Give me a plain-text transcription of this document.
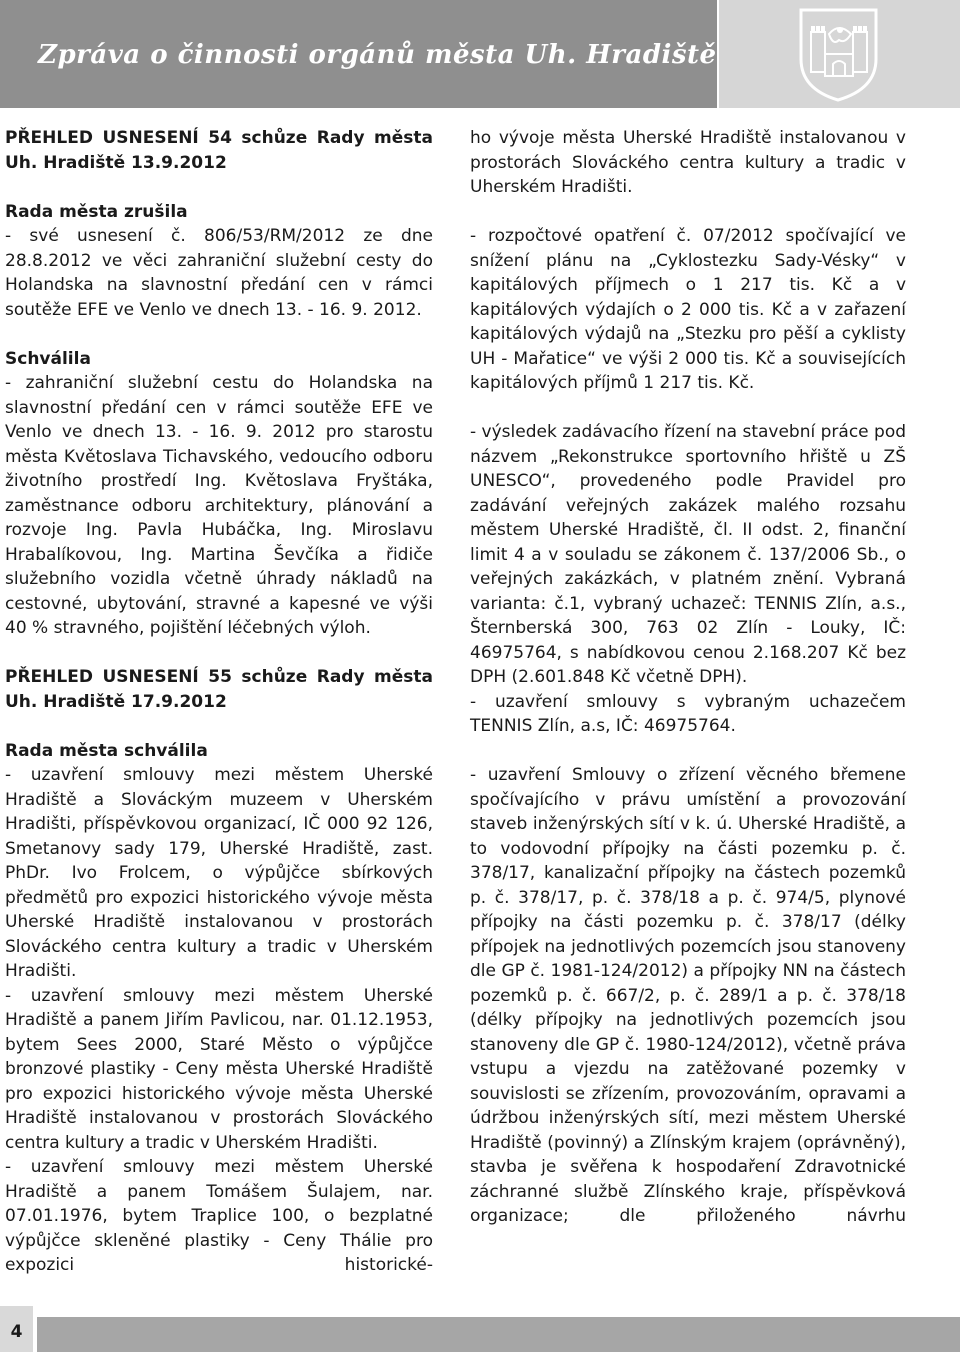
Zpráva o činnosti orgánů města Uh. Hradiště

PŘEHLED USNESENÍ 54 schůze Rady města Uh. Hradiště 13.9.2012

Rada města zrušila

- své usnesení č. 806/53/RM/2012 ze dne 28.8.2012 ve věci zahraniční služební cesty do Holandska na slavnostní předání cen v rámci soutěže EFE ve Venlo ve dnech 13. - 16. 9. 2012.

Schválila

- zahraniční služební cestu do Holandska na slavnostní předání cen v rámci soutěže EFE ve Venlo ve dnech 13. - 16. 9. 2012 pro starostu města Květoslava Tichavského, vedoucího odboru životního prostředí Ing. Květoslava Fryštáka, zaměstnance odboru architektury, plánování a rozvoje Ing. Pavla Hubáčka, Ing. Miroslavu Hrabalíkovou, Ing. Martina Ševčíka a řidiče služebního vozidla včetně úhrady nákladů na cestovné, ubytování, stravné a kapesné ve výši 40 % stravného, pojištění léčebných výloh.

PŘEHLED USNESENÍ 55 schůze Rady města Uh. Hradiště 17.9.2012

Rada města schválila

- uzavření smlouvy mezi městem Uherské Hradiště a Slováckým muzeem v Uherském Hradišti, příspěvkovou organizací, IČ 000 92 126, Smetanovy sady 179, Uherské Hradiště, zast. PhDr. Ivo Frolcem, o výpůjčce sbírkových předmětů pro expozici historického vývoje města Uherské Hradiště instalovanou v prostorách Slováckého centra kultury a tradic v Uherském Hradišti.

- uzavření smlouvy mezi městem Uherské Hradiště a panem Jiřím Pavlicou, nar. 01.12.1953, bytem Sees 2000, Staré Město o výpůjčce bronzové plastiky - Ceny města Uherské Hradiště pro expozici historického vývoje města Uherské Hradiště instalovanou v prostorách Slováckého centra kultury a tradic v Uherském Hradišti.

- uzavření smlouvy mezi městem Uherské Hradiště a panem Tomášem Šulajem, nar. 07.01.1976, bytem Traplice 100, o bezplatné výpůjčce skleněné plastiky - Ceny Thálie pro expozici historické-

ho vývoje města Uherské Hradiště instalovanou v prostorách Slováckého centra kultury a tradic v Uherském Hradišti.

- rozpočtové opatření č. 07/2012 spočívající ve snížení plánu na „Cyklostezku Sady-Vésky“ v kapitálových příjmech o 1 217 tis. Kč a v kapitálových výdajích o 2 000 tis. Kč a v zařazení kapitálových výdajů na „Stezku pro pěší a cyklisty UH - Mařatice“ ve výši 2 000 tis. Kč a souvisejících kapitálových příjmů 1 217 tis. Kč.

- výsledek zadávacího řízení na stavební práce pod názvem „Rekonstrukce sportovního hřiště u ZŠ UNESCO“, provedeného podle Pravidel pro zadávání veřejných zakázek malého rozsahu městem Uherské Hradiště, čl. II odst. 2, finanční limit 4 a v souladu se zákonem č. 137/2006 Sb., o veřejných zakázkách, v platném znění. Vybraná varianta: č.1, vybraný uchazeč: TENNIS Zlín, a.s., Šternberská 300, 763 02 Zlín - Louky, IČ: 46975764, s nabídkovou cenou 2.168.207 Kč bez DPH (2.601.848 Kč včetně DPH).

- uzavření smlouvy s vybraným uchazečem TENNIS Zlín, a.s, IČ: 46975764.

- uzavření Smlouvy o zřízení věcného břemene spočívajícího v právu umístění a provozování staveb inženýrských sítí v k. ú. Uherské Hradiště, a to vodovodní přípojky na části pozemku p. č. 378/17, kanalizační přípojky na částech pozemků p. č. 378/17, p. č. 378/18 a p. č. 974/5, plynové přípojky na části pozemku p. č. 378/17 (délky přípojek na jednotlivých pozemcích jsou stanoveny dle GP č. 1981-124/2012) a přípojky NN na částech pozemků p. č. 667/2, p. č. 289/1 a p. č. 378/18 (délky přípojky na jednotlivých pozemcích jsou stanoveny dle GP č. 1980-124/2012), včetně práva vstupu a vjezdu na zatěžované pozemky v souvislosti se zřízením, provozováním, opravami a údržbou inženýrských sítí, mezi městem Uherské Hradiště (povinný) a Zlínským krajem (oprávněný), stavba je svěřena k hospodaření Zdravotnické záchranné službě Zlínského kraje, příspěvková organizace; dle přiloženého návrhu

4
